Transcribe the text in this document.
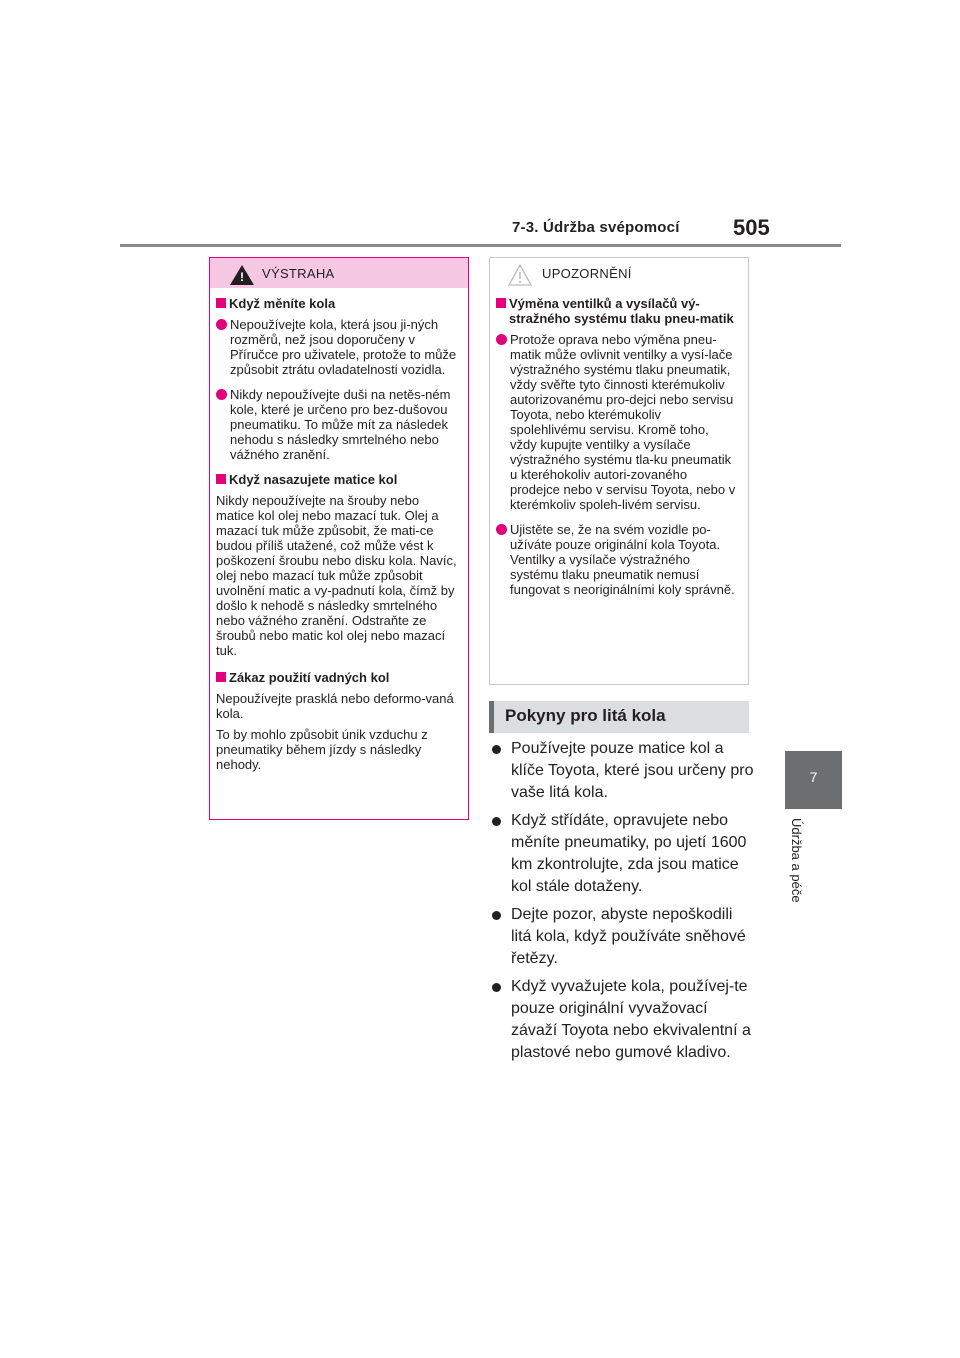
7-3. Údržba svépomocí 505
7
Údržba a péče
!
VÝSTRAHA
Když měníte kola
Nepoužívejte kola, která jsou ji-ných rozměrů, než jsou doporučeny v Příručce pro uživatele, protože to může způsobit ztrátu ovladatelnosti vozidla.
Nikdy nepoužívejte duši na netěs-ném kole, které je určeno pro bez-dušovou pneumatiku. To může mít za následek nehodu s následky smrtelného nebo vážného zranění.
Když nasazujete matice kol
Nikdy nepoužívejte na šrouby nebo matice kol olej nebo mazací tuk. Olej a mazací tuk může způsobit, že mati-ce budou příliš utažené, což může vést k poškození šroubu nebo disku kola. Navíc, olej nebo mazací tuk může způsobit uvolnění matic a vy-padnutí kola, čímž by došlo k nehodě s následky smrtelného nebo vážného zranění. Odstraňte ze šroubů nebo matic kol olej nebo mazací tuk.
Zákaz použití vadných kol
Nepoužívejte prasklá nebo deformo-vaná kola.
To by mohlo způsobit únik vzduchu z pneumatiky během jízdy s následky nehody.
UPOZORNĚNÍ
Výměna ventilků a vysílačů vý-stražného systému tlaku pneu-matik
Protože oprava nebo výměna pneu-matik může ovlivnit ventilky a vysí-lače výstražného systému tlaku pneumatik, vždy svěřte tyto činnosti kterémukoliv autorizovanému pro-dejci nebo servisu Toyota, nebo kterémukoliv spolehlivému servisu. Kromě toho, vždy kupujte ventilky a vysílače výstražného systému tla-ku pneumatik u kteréhokoliv autori-zovaného prodejce nebo v servisu Toyota, nebo v kterémkoliv spoleh-livém servisu.
Ujistěte se, že na svém vozidle po-užíváte pouze originální kola Toyota.
Ventilky a vysílače výstražného systému tlaku pneumatik nemusí fungovat s neoriginálními koly správně.
Pokyny pro litá kola
Používejte pouze matice kol a klíče Toyota, které jsou určeny pro vaše litá kola.
Když střídáte, opravujete nebo měníte pneumatiky, po ujetí 1600 km zkontrolujte, zda jsou matice kol stále dotaženy.
Dejte pozor, abyste nepoškodili litá kola, když používáte sněhové řetězy.
Když vyvažujete kola, používej-te pouze originální vyvažovací závaží Toyota nebo ekvivalentní a plastové nebo gumové kladivo.
